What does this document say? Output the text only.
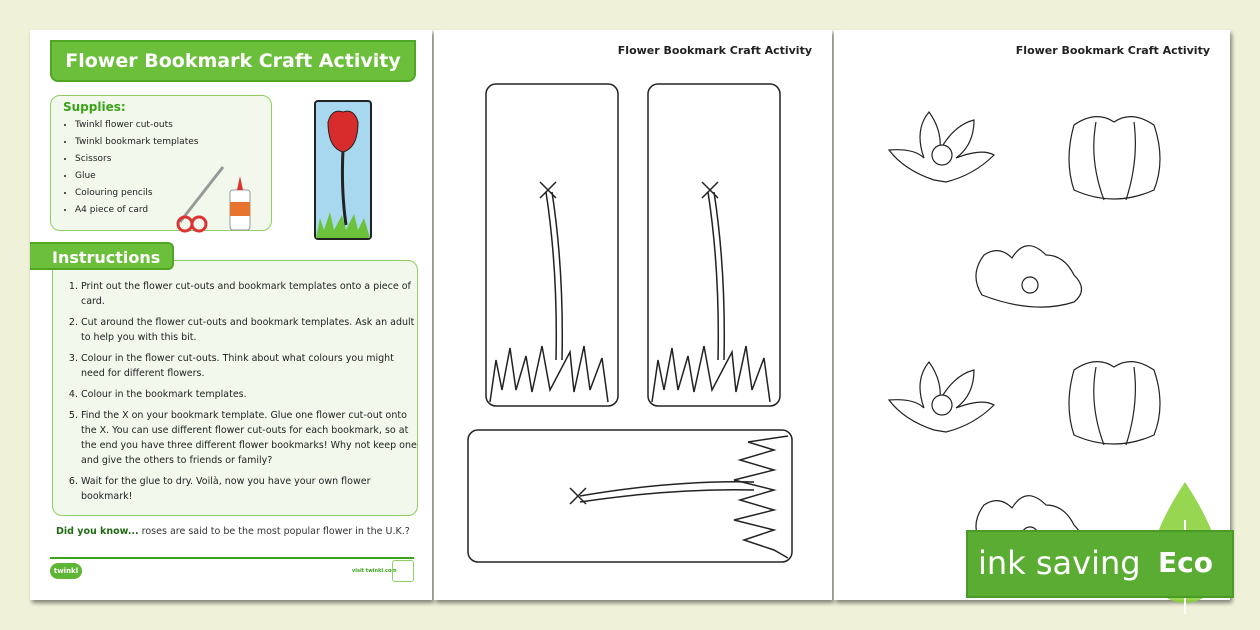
Flower Bookmark Craft Activity
Supplies:
• Twinkl flower cut-outs
• Twinkl bookmark templates
• Scissors
• Glue
• Colouring pencils
• A4 piece of card
1. Print out the flower cut-outs and bookmark templates onto a piece of card.
2. Cut around the flower cut-outs and bookmark templates. Ask an adult to help you with this bit.
3. Colour in the flower cut-outs. Think about what colours you might need for different flowers.
4. Colour in the bookmark templates.
5. Find the X on your bookmark template. Glue one flower cut-out onto the X. You can use different flower cut-outs for each bookmark, so at the end you have three different flower bookmarks! Why not keep one and give the others to friends or family?
6. Wait for the glue to dry. Voilà, now you have your own flower bookmark!
Instructions
Did you know... roses are said to be the most popular flower in the U.K.?
twinkl	visit twinkl.com
Flower Bookmark Craft Activity	Flower Bookmark Craft Activity
ink saving Eco
